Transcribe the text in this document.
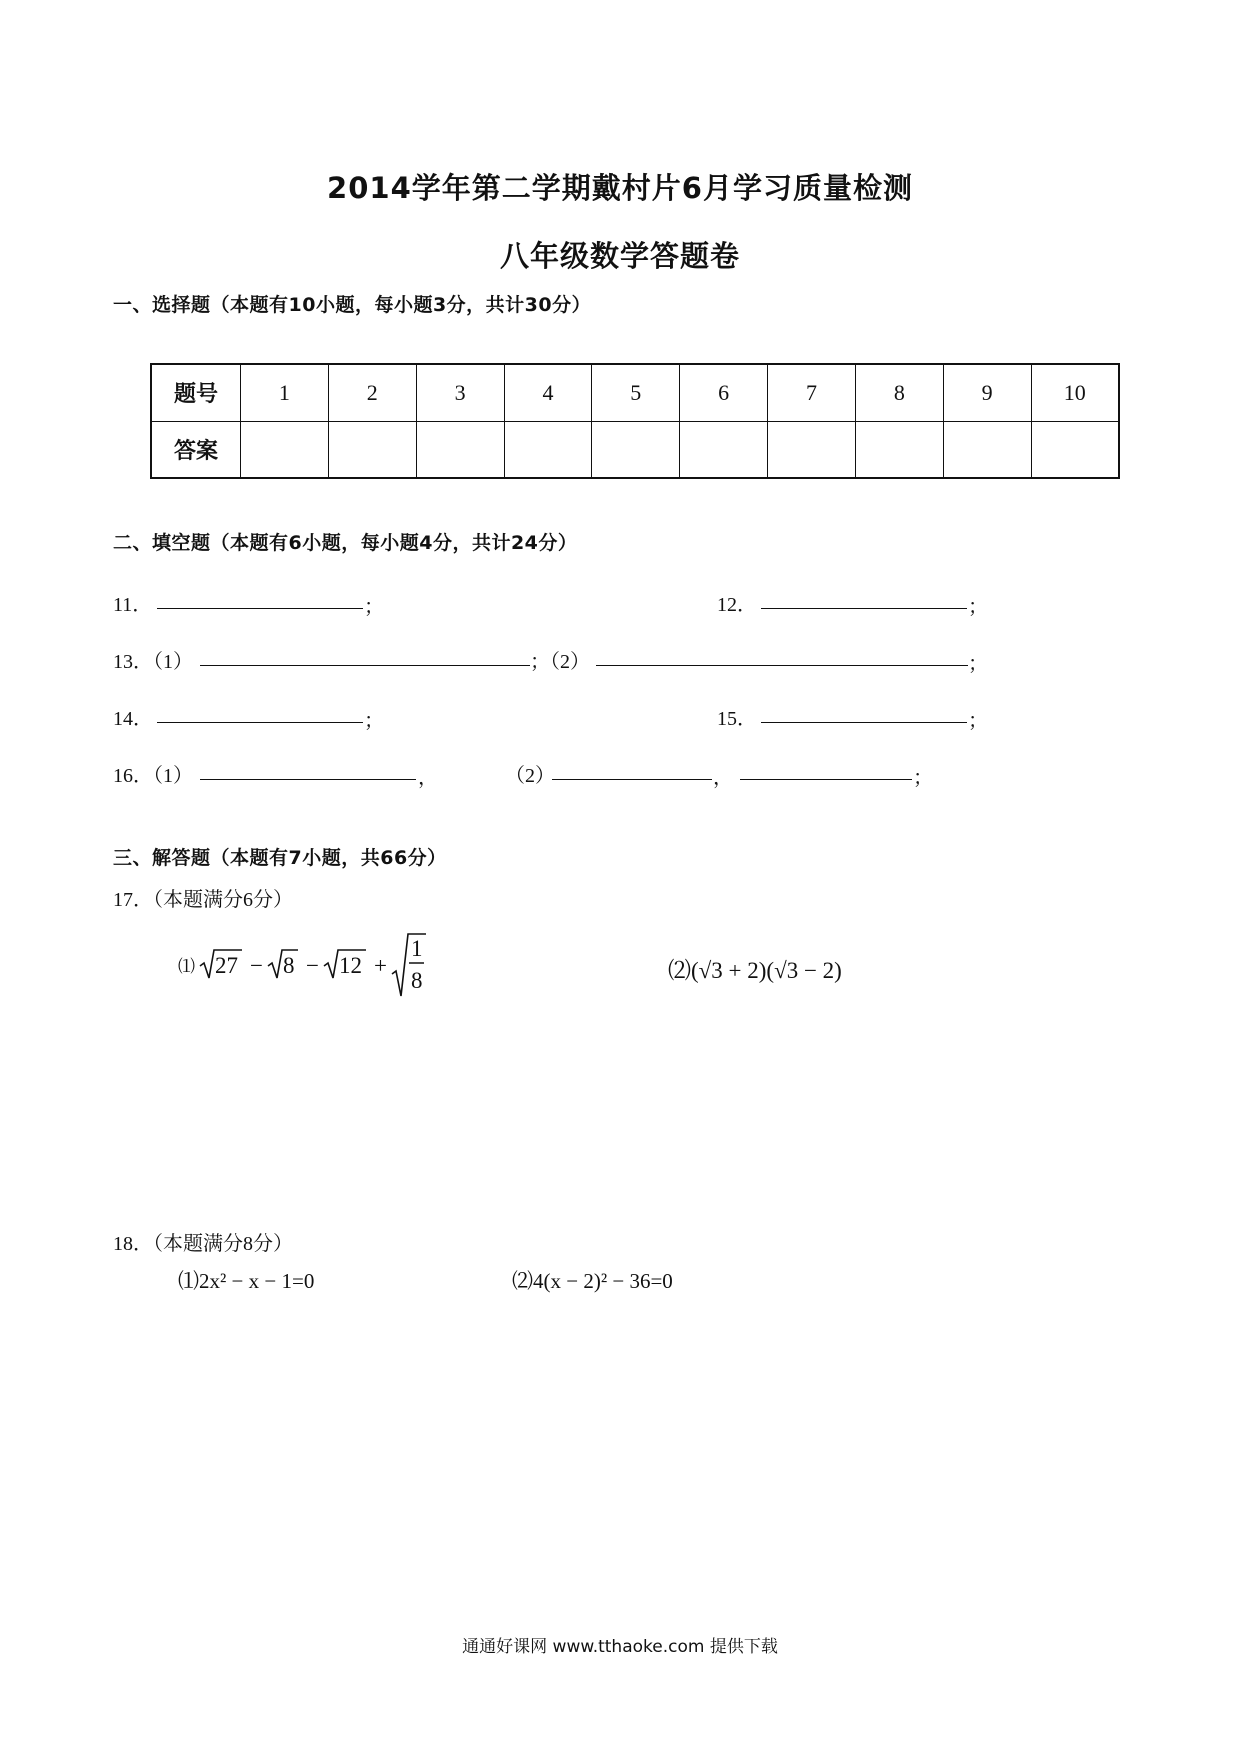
2014学年第二学期戴村片6月学习质量检测
八年级数学答题卷
一、选择题（本题有10小题，每小题3分，共计30分）
题号	1	2	3	4	5	6	7	8	9	10
答案										
二、填空题（本题有6小题，每小题4分，共计24分）
11．	；	12．	；
13．（1）	；（2）	；
14．	；	15．	；
16．（1）	，	（2）	，	；
三、解答题（本题有7小题，共66分）
17．（本题满分6分）
⑴ 27 − 8 − 12 +
1
8	⑵(√3 + 2)(√3 − 2)
18．（本题满分8分）
⑴2x² − x − 1=0	⑵4(x − 2)² − 36=0
通通好课网 www.tthaoke.com 提供下载
